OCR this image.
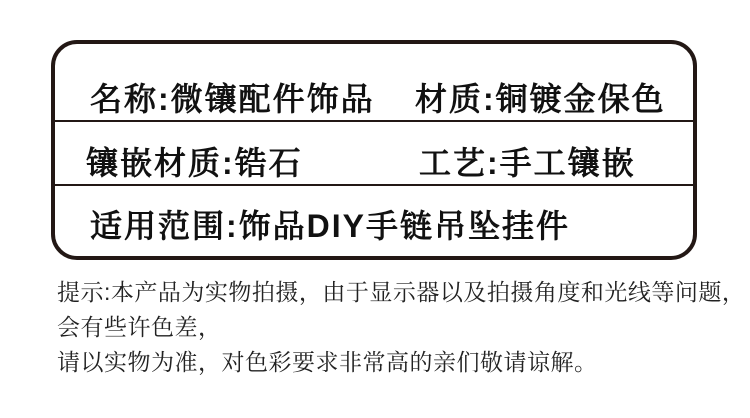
名称:微镶配件饰品 材质:铜镀金保色
镶嵌材质:锆石	工艺:手工镶嵌
适用范围:饰品DIY手链吊坠挂件

提示:本产品为实物拍摄，由于显示器以及拍摄角度和光线等问题，

会有些许色差，

请以实物为准，对色彩要求非常高的亲们敬请谅解。
